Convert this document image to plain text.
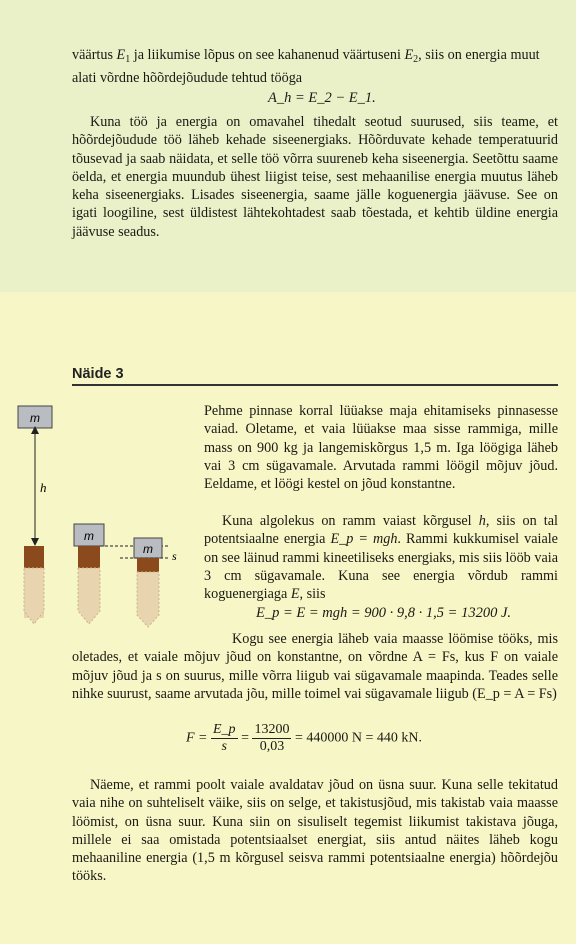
väärtus $E_1$ ja liikumise lõpus on see kahanenud väärtuseni $E_2$, siis on energia muut
alati võrdne hõõrdejõudude tehtud tööga

A_h = E_2 − E_1.

Kuna töö ja energia on omavahel tihedalt seotud suurused, siis teame, et hõõrdejõudude töö läheb kehade siseenergiaks. Hõõrduvate kehade temperatuurid tõusevad ja saab näidata, et selle töö võrra suureneb keha siseenergia. Seetõttu saame öelda, et energia muundub ühest liigist teise, sest mehaanilise energia muutus läheb keha siseenergiaks. Lisades siseenergia, saame jälle koguenergia jäävuse. See on igati loogiline, sest üldistest lähtekohtadest saab tõestada, et kehtib üldine energia jäävuse seadus.

Näide 3
m
h
m
m s

Pehme pinnase korral lüüakse maja ehitamiseks pinnasesse vaiad. Oletame, et vaia lüüakse maa sisse rammiga, mille mass on 900 kg ja langemiskõrgus 1,5 m. Iga löögiga läheb vai 3 cm sügavamale. Arvutada rammi löögil mõjuv jõud. Eeldame, et löögi kestel on jõud konstantne.

Kuna algolekus on ramm vaiast kõrgusel h, siis on tal potentsiaalne energia E_p = mgh. Rammi kukkumisel vaiale on see läinud rammi kineetiliseks energiaks, mis siis lööb vaia 3 cm sügavamale. Kuna see energia võrdub rammi koguenergiaga E, siis

E_p = E = mgh = 900 · 9,8 · 1,5 = 13200 J.

Kogu see energia läheb vaia maasse löömise tööks, mis oletades, et vaiale mõjuv jõud on konstantne, on võrdne A = Fs, kus F on vaiale mõjuv jõud ja s on suurus, mille võrra liigub vai sügavamale maapinda. Teades selle nihke suurust, saame arvutada jõu, mille toimel vai sügavamale liigub (E_p = A = Fs)

$F = \frac{E\_p}{s} = \frac{13200}{0,03} = 440000$ N = 440 kN.

Näeme, et rammi poolt vaiale avaldatav jõud on üsna suur. Kuna selle tekitatud vaia nihe on suhteliselt väike, siis on selge, et takistusjõud, mis takistab vaia maasse löömist, on üsna suur. Kuna siin on sisuliselt tegemist liikumist takistava jõuga, millele ei saa omistada potentsiaalset energiat, siis antud näites läheb kogu mehaaniline energia (1,5 m kõrgusel seisva rammi potentsiaalne energia) hõõrdejõu tööks.
